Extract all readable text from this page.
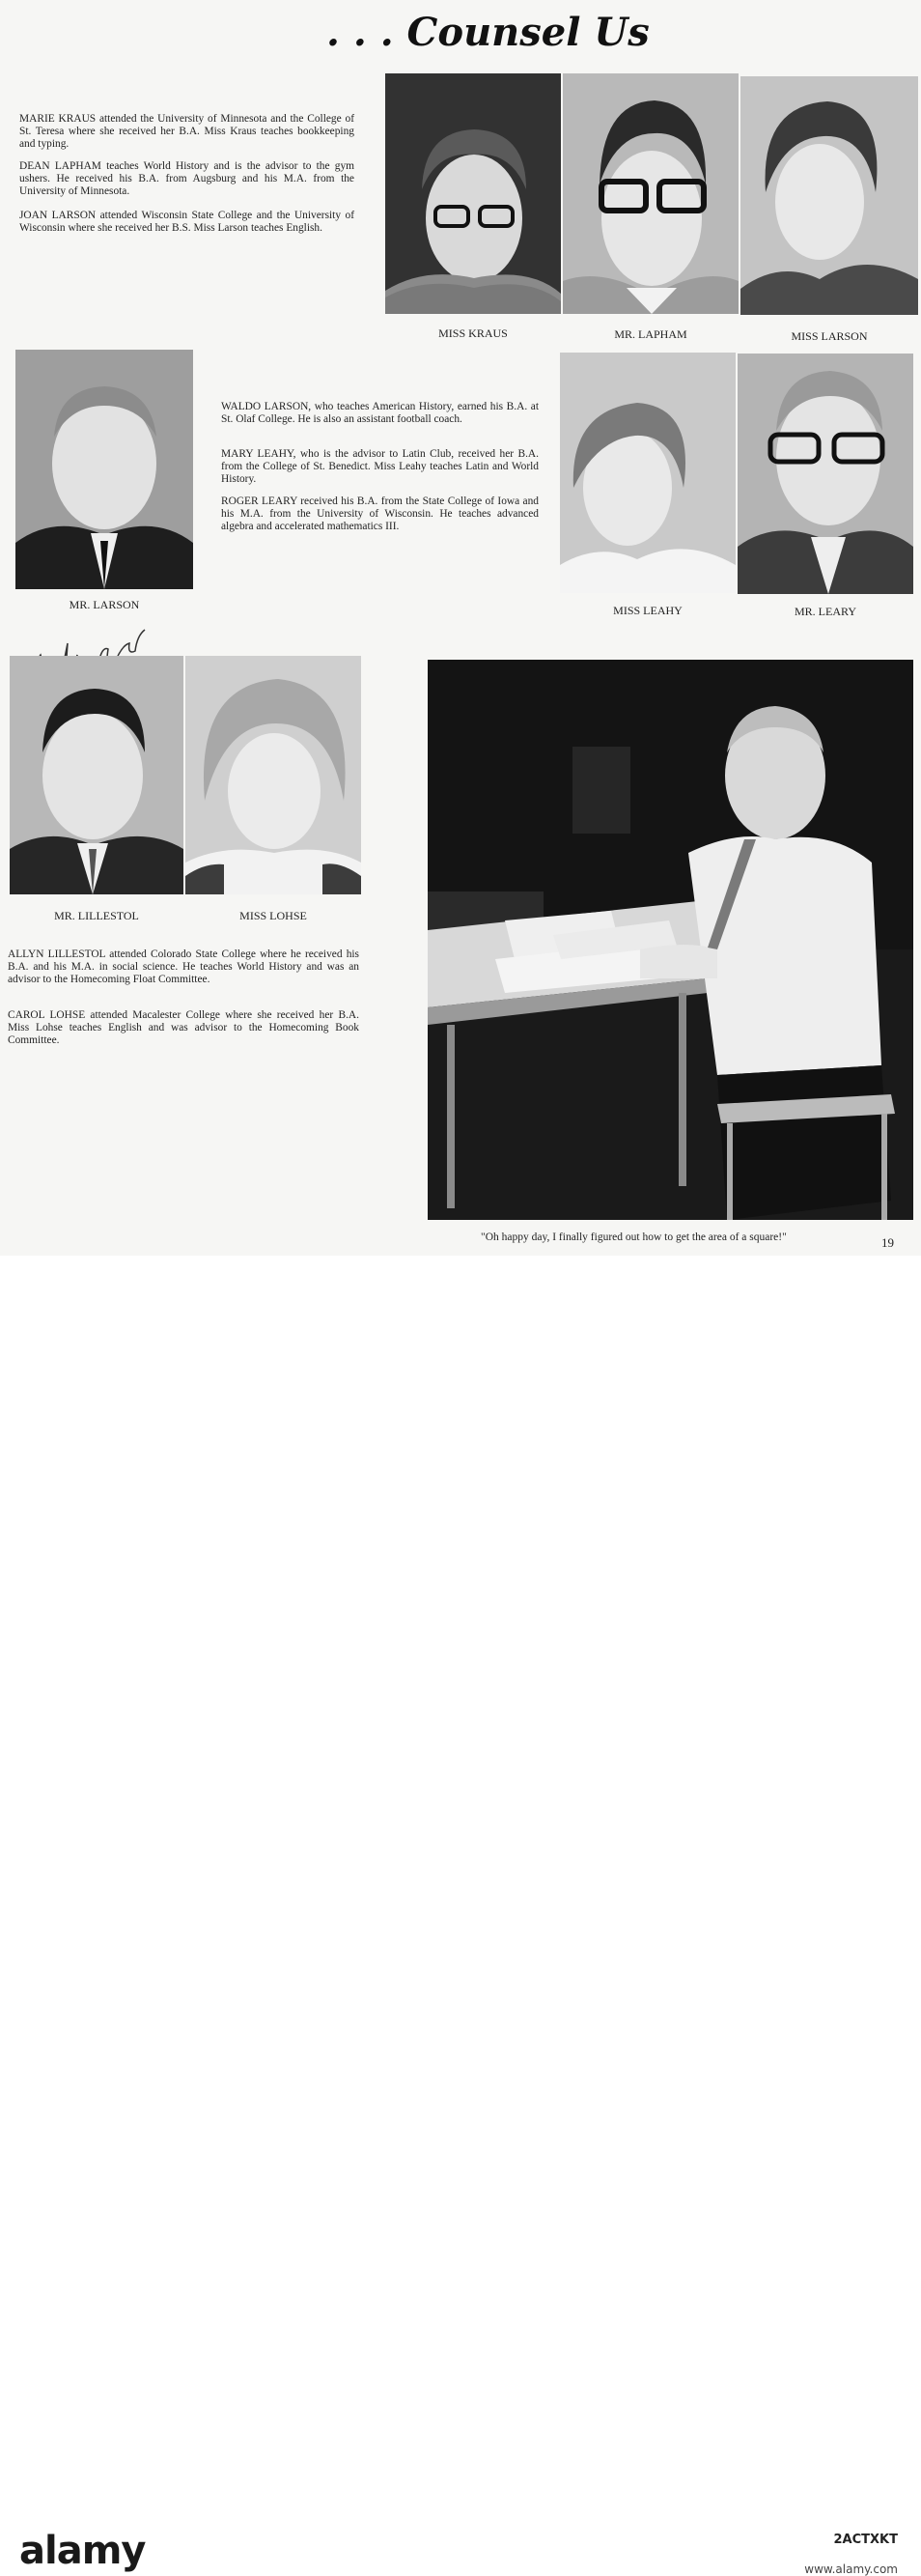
. . . Counsel Us

MARIE KRAUS attended the University of Minnesota and the College of St. Teresa where she received her B.A. Miss Kraus teaches bookkeeping and typing.

DEAN LAPHAM teaches World History and is the advisor to the gym ushers. He received his B.A. from Augsburg and his M.A. from the University of Minnesota.

JOAN LARSON attended Wisconsin State College and the University of Wisconsin where she received her B.S. Miss Larson teaches English.

MISS KRAUS	MR. LAPHAM	MISS LARSON
MR. LARSON

WALDO LARSON, who teaches American History, earned his B.A. at St. Olaf College. He is also an assistant football coach.

MARY LEAHY, who is the advisor to Latin Club, received her B.A. from the College of St. Benedict. Miss Leahy teaches Latin and World History.

ROGER LEARY received his B.A. from the State College of Iowa and his M.A. from the University of Wisconsin. He teaches advanced algebra and accelerated mathematics III.

MISS LEAHY	MR. LEARY
MR. LILLESTOL	MISS LOHSE

ALLYN LILLESTOL attended Colorado State College where he received his B.A. and his M.A. in social science. He teaches World History and was an advisor to the Homecoming Float Committee.

CAROL LOHSE attended Macalester College where she received her B.A. Miss Lohse teaches English and was advisor to the Homecoming Book Committee.

"Oh happy day, I finally figured out how to get the area of a square!"	19
alamy	2ACTXKT
www.alamy.com
